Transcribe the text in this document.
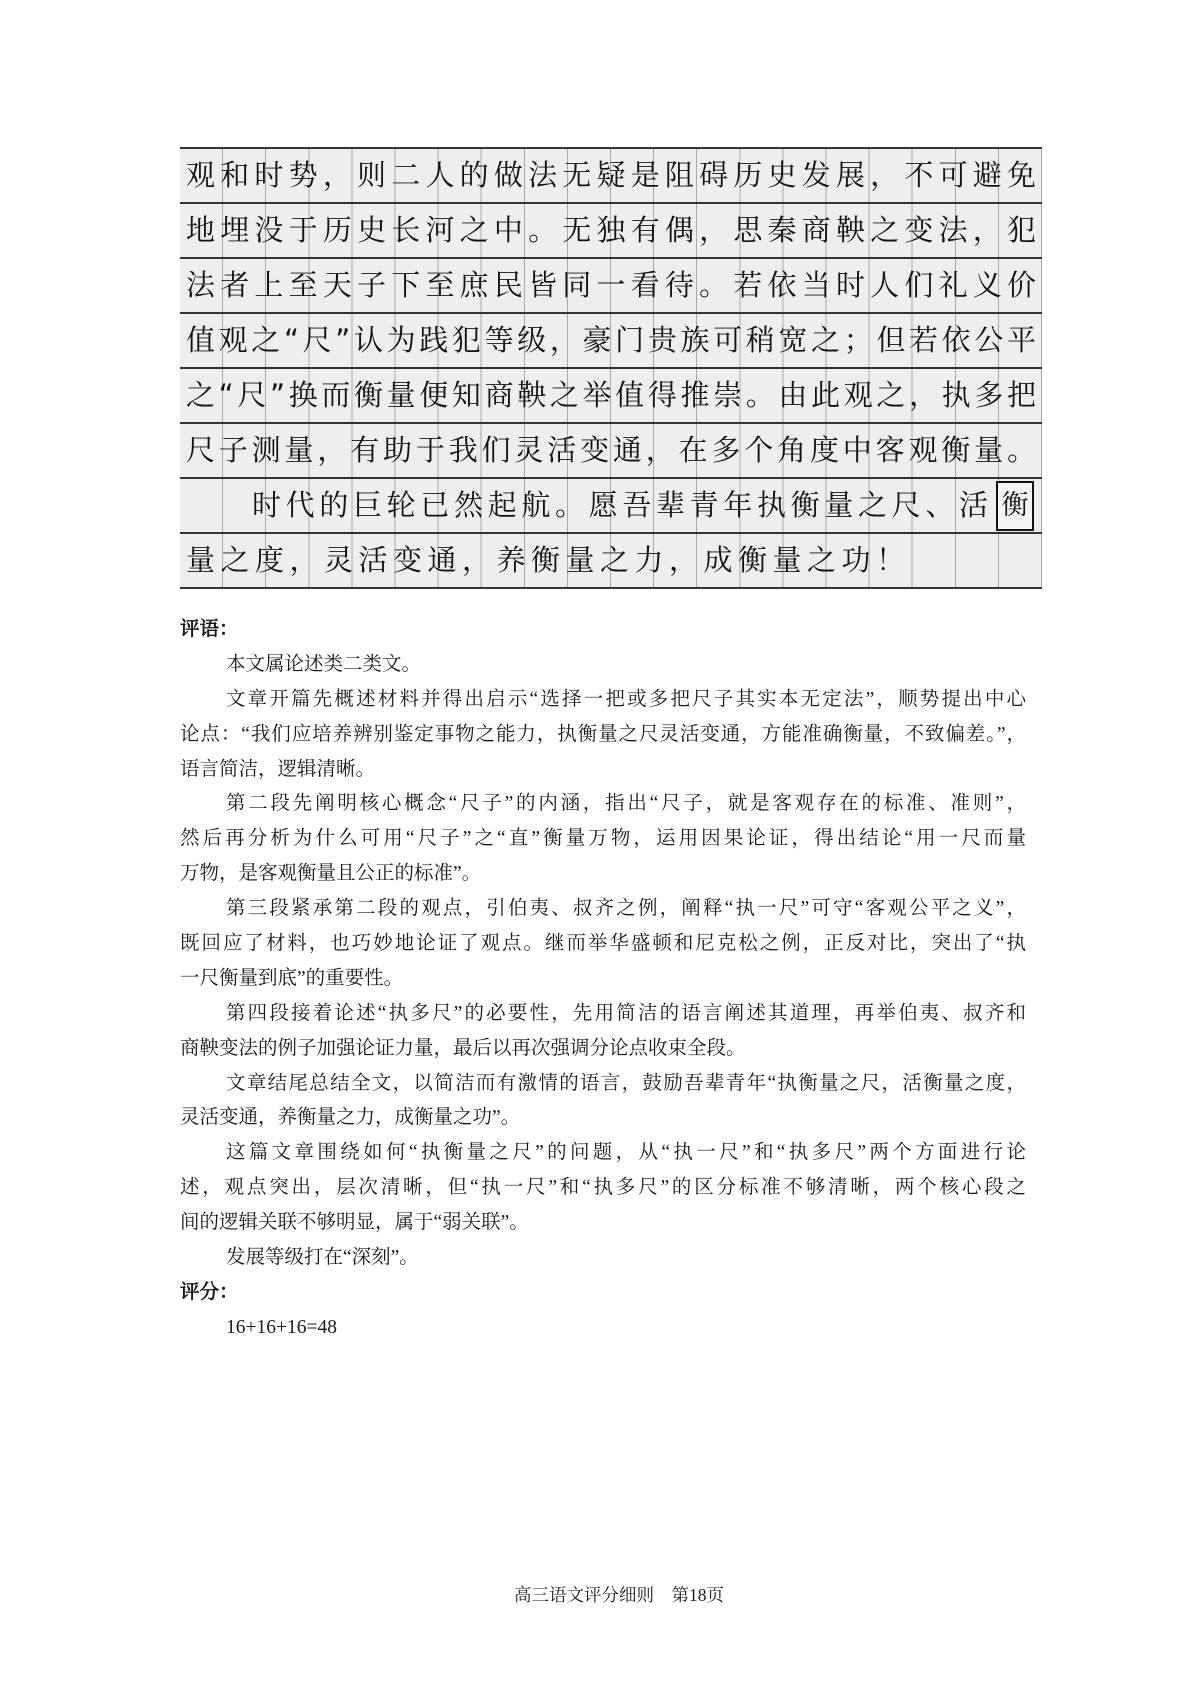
观和时势，则二人的做法无疑是阻碍历史发展，不可避免
地埋没于历史长河之中。无独有偶，思秦商鞅之变法，犯
法者上至天子下至庶民皆同一看待。若依当时人们礼义价
值观之“尺”认为践犯等级，豪门贵族可稍宽之；但若依公平
之“尺”换而衡量便知商鞅之举值得推崇。由此观之，执多把
尺子测量，有助于我们灵活变通，在多个角度中客观衡量。
时代的巨轮已然起航。愿吾辈青年执衡量之尺、活 衡
量之度，灵活变通，养衡量之力，成衡量之功！
评语：
本文属论述类二类文。
文章开篇先概述材料并得出启示“选择一把或多把尺子其实本无定法”，顺势提出中心
论点：“我们应培养辨别鉴定事物之能力，执衡量之尺灵活变通，方能准确衡量，不致偏差。”，
语言简洁，逻辑清晰。
第二段先阐明核心概念“尺子”的内涵，指出“尺子，就是客观存在的标准、准则”，
然后再分析为什么可用“尺子”之“直”衡量万物，运用因果论证，得出结论“用一尺而量
万物，是客观衡量且公正的标准”。
第三段紧承第二段的观点，引伯夷、叔齐之例，阐释“执一尺”可守“客观公平之义”，
既回应了材料，也巧妙地论证了观点。继而举华盛顿和尼克松之例，正反对比，突出了“执
一尺衡量到底”的重要性。
第四段接着论述“执多尺”的必要性，先用简洁的语言阐述其道理，再举伯夷、叔齐和
商鞅变法的例子加强论证力量，最后以再次强调分论点收束全段。
文章结尾总结全文，以简洁而有激情的语言，鼓励吾辈青年“执衡量之尺，活衡量之度，
灵活变通，养衡量之力，成衡量之功”。
这篇文章围绕如何“执衡量之尺”的问题，从“执一尺”和“执多尺”两个方面进行论
述，观点突出，层次清晰，但“执一尺”和“执多尺”的区分标准不够清晰，两个核心段之
间的逻辑关联不够明显，属于“弱关联”。
发展等级打在“深刻”。
评分：
16+16+16=48
高三语文评分细则　第18页
